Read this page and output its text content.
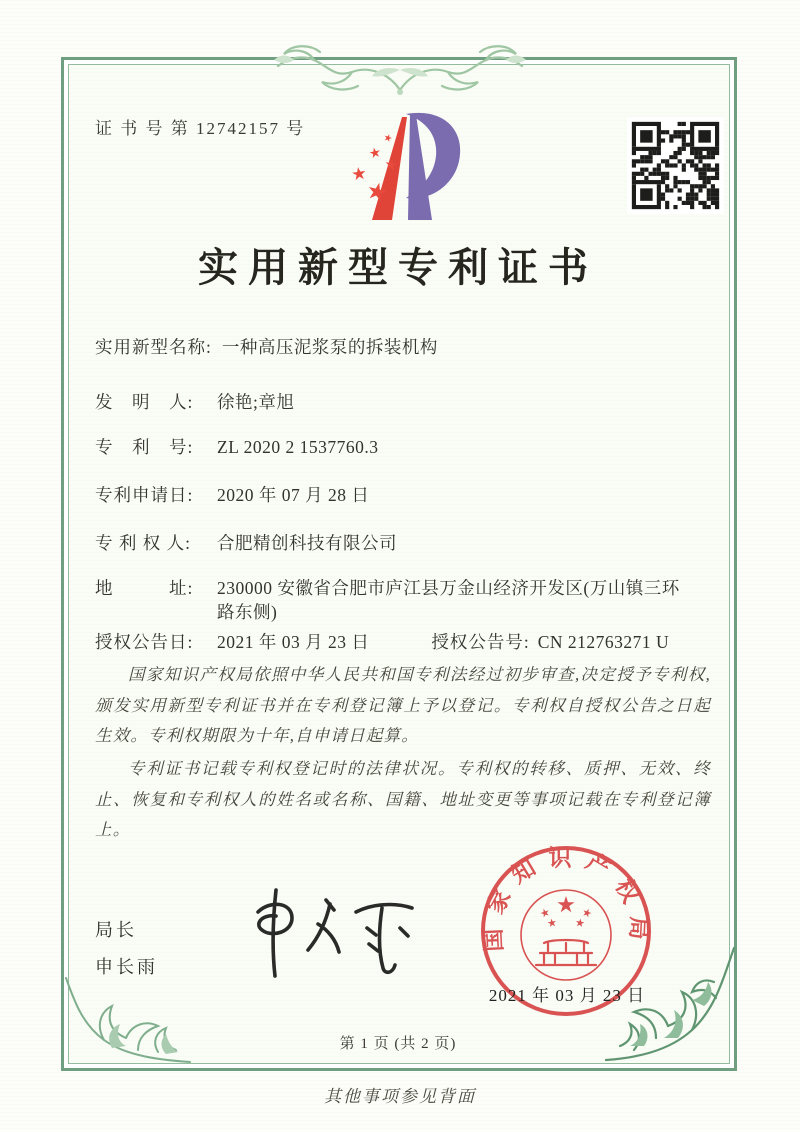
证 书 号 第 12742157 号
实用新型专利证书
实用新型名称: 一种高压泥浆泵的拆装机构
发　明　人:	徐艳;章旭
专　利　号:	ZL 2020 2 1537760.3
专利申请日:	2020 年 07 月 28 日
专 利 权 人:	合肥精创科技有限公司
地　　　址:	230000 安徽省合肥市庐江县万金山经济开发区(万山镇三环路东侧)
授权公告日:	2021 年 03 月 23 日	授权公告号: CN 212763271 U

国家知识产权局依照中华人民共和国专利法经过初步审查,决定授予专利权,颁发实用新型专利证书并在专利登记簿上予以登记。专利权自授权公告之日起生效。专利权期限为十年,自申请日起算。

专利证书记载专利权登记时的法律状况。专利权的转移、质押、无效、终止、恢复和专利权人的姓名或名称、国籍、地址变更等事项记载在专利登记簿上。

局长
申长雨
国家知识产权局
2021 年 03 月 23 日
第 1 页 (共 2 页)
其他事项参见背面
